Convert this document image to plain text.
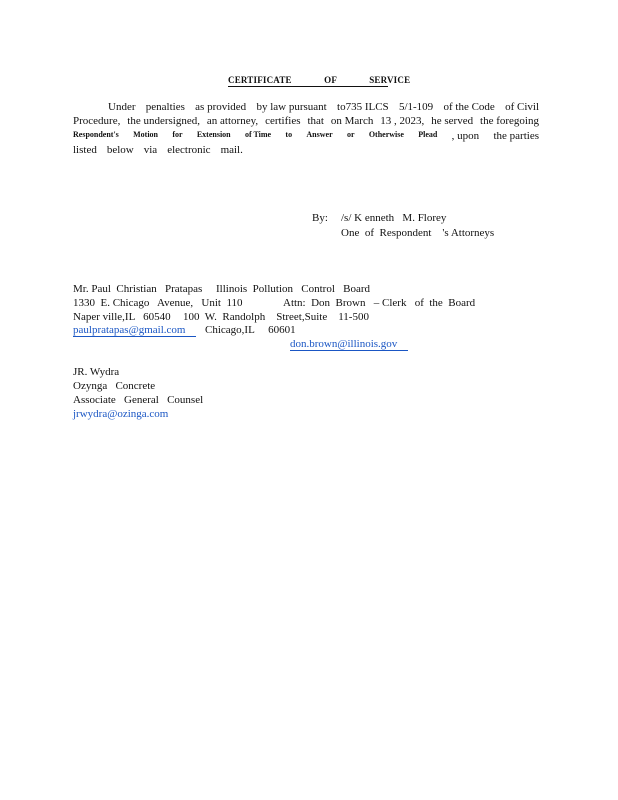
CERTIFICATE OF SERVICE
Under penalties as provided by law pursuant to735 ILCS 5/1-109 of the Code of Civil
Procedure, the undersigned, an attorney, certifies that on March 13 , 2023, he served the foregoing
Respondent's Motion for Extension of Time to Answer or Otherwise Plead , upon the parties
listed below via electronic mail.
By: /s/ K enneth   M. Florey
One  of  Respondent    's Attorneys
Mr. Paul  Christian   Pratapas Illinois  Pollution   Control   Board
1330  E. Chicago   Avenue,   Unit  110	Attn:  Don  Brown   – Clerk   of  the  Board
Naper ville,IL   60540 100  W.  Randolph    Street,Suite    11-500
paulpratapas@gmail.com	Chicago,IL     60601
don.brown@illinois.gov
JR. Wydra
Ozynga   Concrete
Associate   General   Counsel
jrwydra@ozinga.com
